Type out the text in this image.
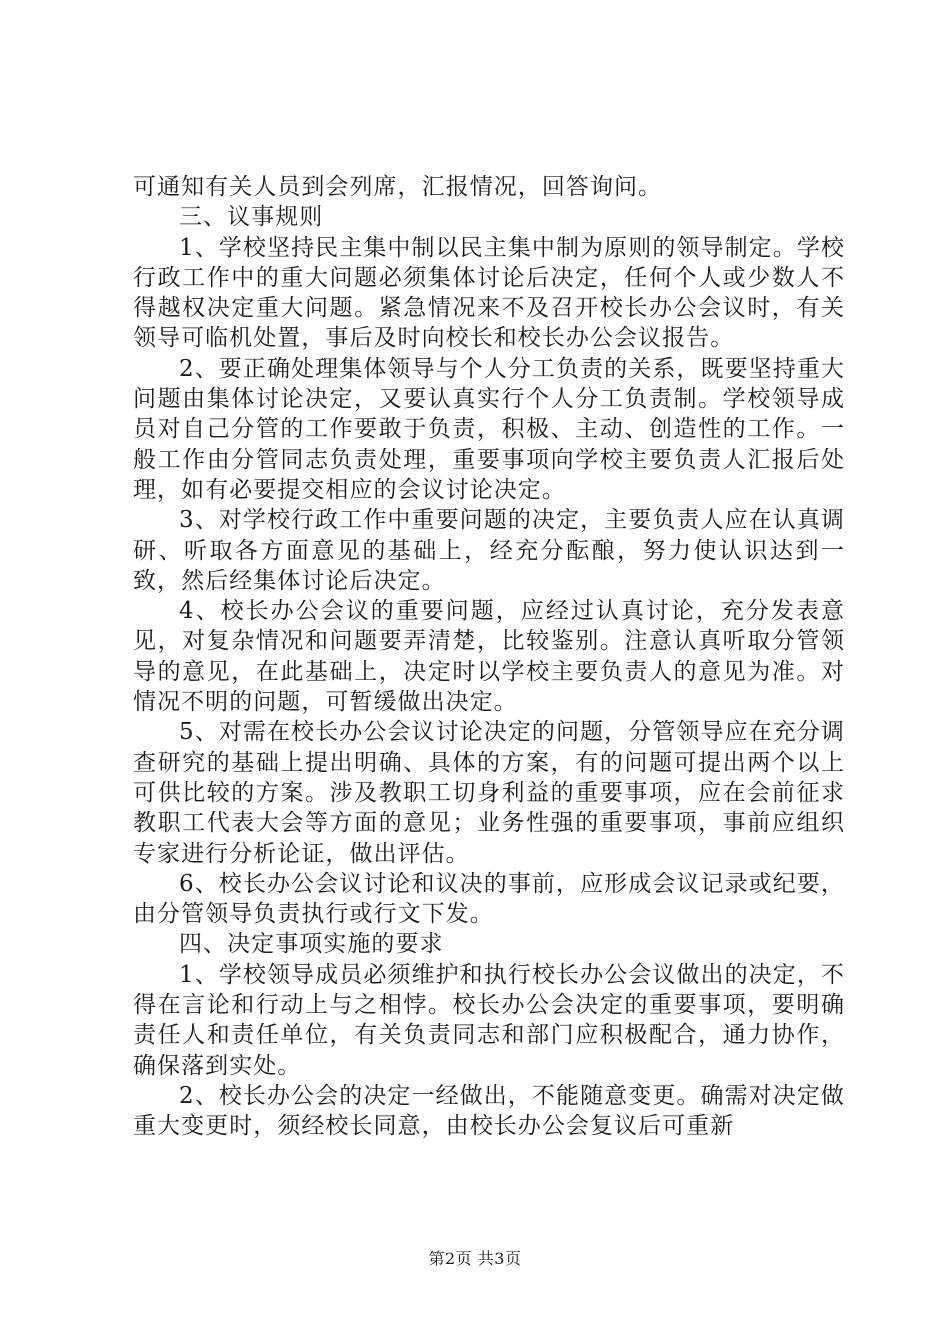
可通知有关人员到会列席，汇报情况，回答询问。

三、议事规则

1、学校坚持民主集中制以民主集中制为原则的领导制定。学校行政工作中的重大问题必须集体讨论后决定，任何个人或少数人不得越权决定重大问题。紧急情况来不及召开校长办公会议时，有关领导可临机处置，事后及时向校长和校长办公会议报告。

2、要正确处理集体领导与个人分工负责的关系，既要坚持重大问题由集体讨论决定，又要认真实行个人分工负责制。学校领导成员对自己分管的工作要敢于负责，积极、主动、创造性的工作。一般工作由分管同志负责处理，重要事项向学校主要负责人汇报后处理，如有必要提交相应的会议讨论决定。

3、对学校行政工作中重要问题的决定，主要负责人应在认真调研、听取各方面意见的基础上，经充分酝酿，努力使认识达到一致，然后经集体讨论后决定。

4、校长办公会议的重要问题，应经过认真讨论，充分发表意见，对复杂情况和问题要弄清楚，比较鉴别。注意认真听取分管领导的意见，在此基础上，决定时以学校主要负责人的意见为准。对情况不明的问题，可暂缓做出决定。

5、对需在校长办公会议讨论决定的问题，分管领导应在充分调查研究的基础上提出明确、具体的方案，有的问题可提出两个以上可供比较的方案。涉及教职工切身利益的重要事项，应在会前征求教职工代表大会等方面的意见；业务性强的重要事项，事前应组织专家进行分析论证，做出评估。

6、校长办公会议讨论和议决的事前，应形成会议记录或纪要，由分管领导负责执行或行文下发。

四、决定事项实施的要求

1、学校领导成员必须维护和执行校长办公会议做出的决定，不得在言论和行动上与之相悖。校长办公会决定的重要事项，要明确责任人和责任单位，有关负责同志和部门应积极配合，通力协作，确保落到实处。

2、校长办公会的决定一经做出，不能随意变更。确需对决定做重大变更时，须经校长同意，由校长办公会复议后可重新

第2页 共3页
